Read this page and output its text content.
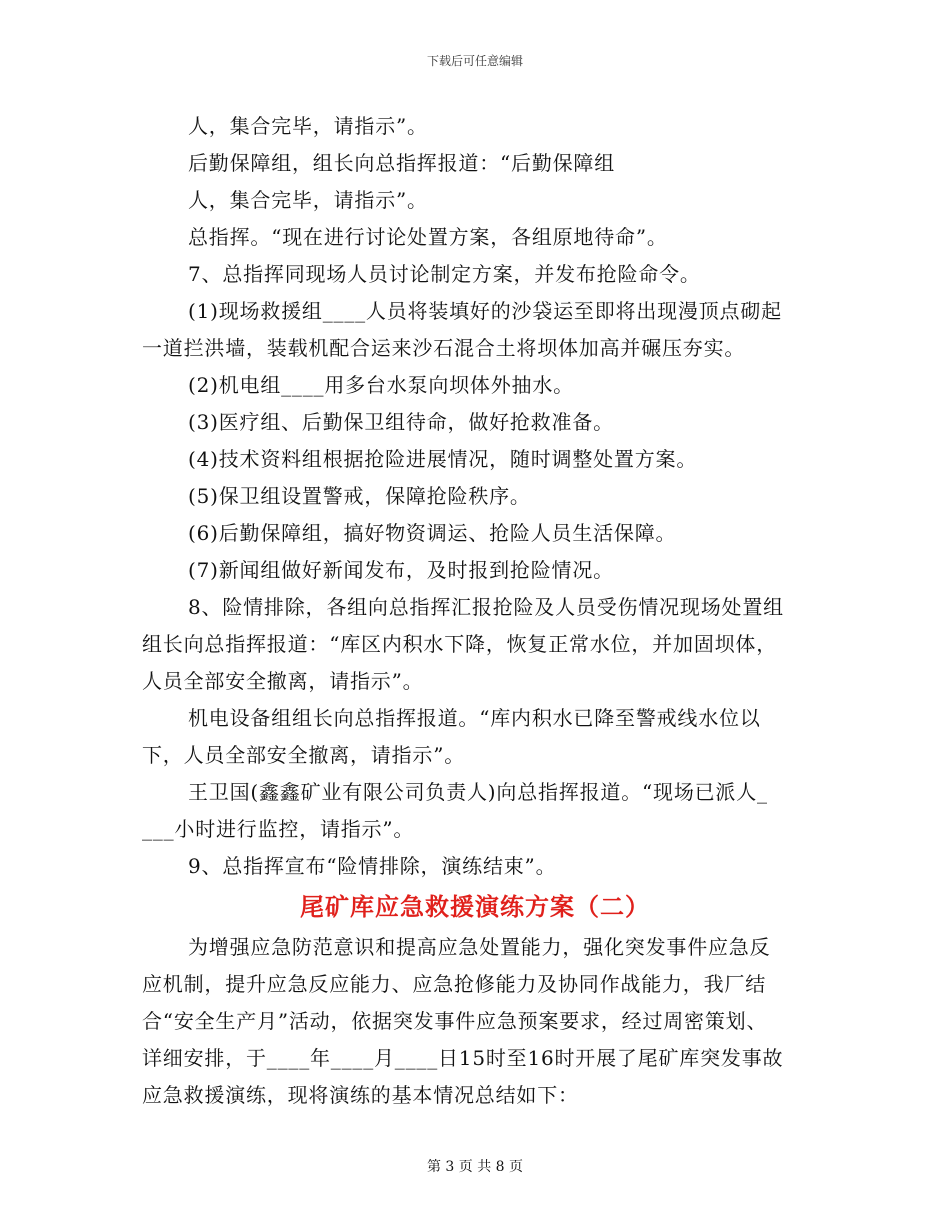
下载后可任意编辑
人，集合完毕，请指示”。
后勤保障组，组长向总指挥报道：“后勤保障组
人，集合完毕，请指示”。
总指挥。“现在进行讨论处置方案，各组原地待命”。
7、总指挥同现场人员讨论制定方案，并发布抢险命令。
(1)现场救援组____人员将装填好的沙袋运至即将出现漫顶点砌起
一道拦洪墙，装载机配合运来沙石混合土将坝体加高并碾压夯实。
(2)机电组____用多台水泵向坝体外抽水。
(3)医疗组、后勤保卫组待命，做好抢救准备。
(4)技术资料组根据抢险进展情况，随时调整处置方案。
(5)保卫组设置警戒，保障抢险秩序。
(6)后勤保障组，搞好物资调运、抢险人员生活保障。
(7)新闻组做好新闻发布，及时报到抢险情况。
8、险情排除，各组向总指挥汇报抢险及人员受伤情况现场处置组
组长向总指挥报道：“库区内积水下降，恢复正常水位，并加固坝体，
人员全部安全撤离，请指示”。
机电设备组组长向总指挥报道。“库内积水已降至警戒线水位以
下，人员全部安全撤离，请指示”。
王卫国(鑫鑫矿业有限公司负责人)向总指挥报道。“现场已派人_
___小时进行监控，请指示”。
9、总指挥宣布“险情排除，演练结束”。
尾矿库应急救援演练方案（二）
为增强应急防范意识和提高应急处置能力，强化突发事件应急反
应机制，提升应急反应能力、应急抢修能力及协同作战能力，我厂结
合“安全生产月”活动，依据突发事件应急预案要求，经过周密策划、
详细安排，于____年____月____日15时至16时开展了尾矿库突发事故
应急救援演练，现将演练的基本情况总结如下：
第 3 页 共 8 页
